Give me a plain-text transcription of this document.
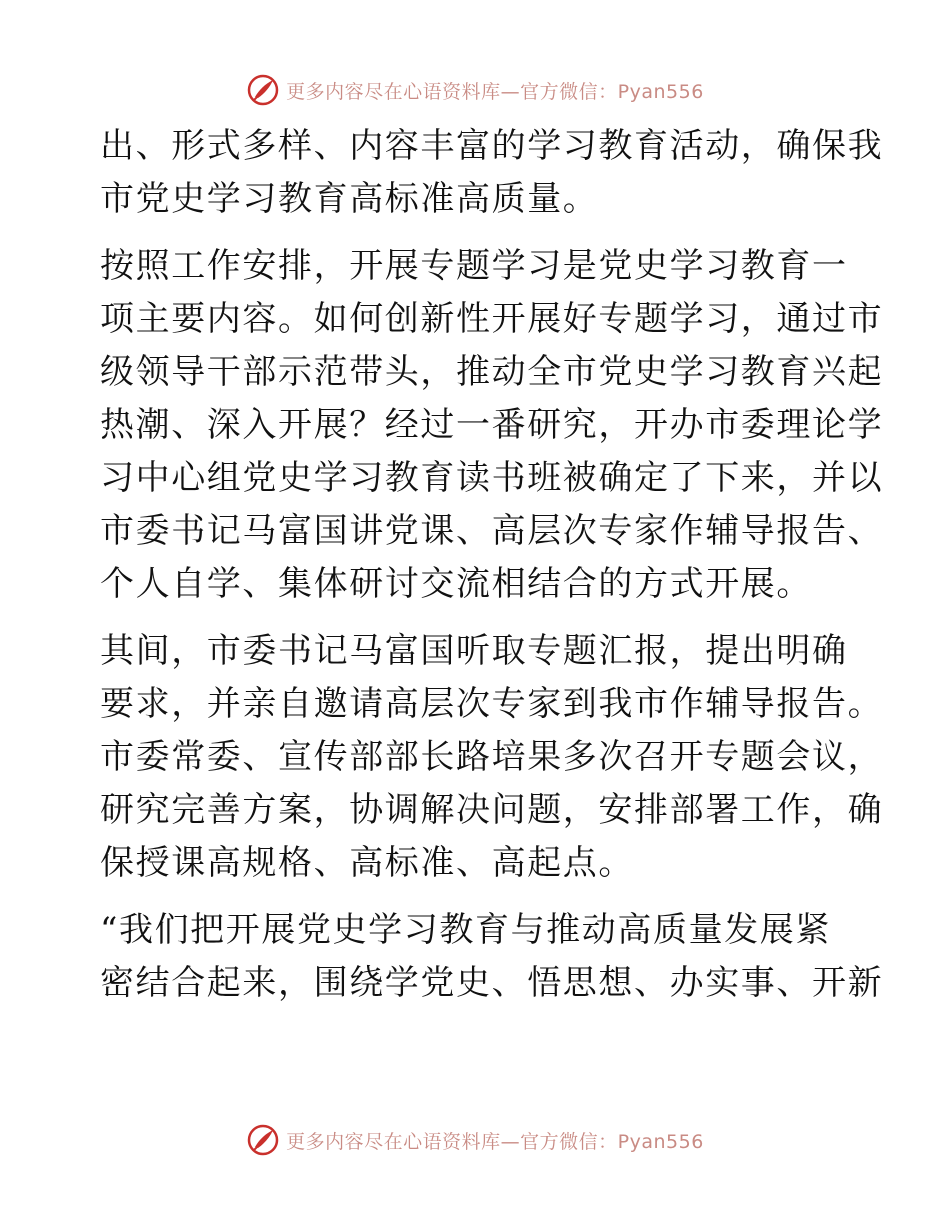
更多内容尽在心语资料库—官方微信：Pyan556

出、形式多样、内容丰富的学习教育活动，确保我
市党史学习教育高标准高质量。

按照工作安排，开展专题学习是党史学习教育一
项主要内容。如何创新性开展好专题学习，通过市
级领导干部示范带头，推动全市党史学习教育兴起
热潮、深入开展？经过一番研究，开办市委理论学
习中心组党史学习教育读书班被确定了下来，并以
市委书记马富国讲党课、高层次专家作辅导报告、
个人自学、集体研讨交流相结合的方式开展。

其间，市委书记马富国听取专题汇报，提出明确
要求，并亲自邀请高层次专家到我市作辅导报告。
市委常委、宣传部部长路培果多次召开专题会议，
研究完善方案，协调解决问题，安排部署工作，确
保授课高规格、高标准、高起点。

“我们把开展党史学习教育与推动高质量发展紧
密结合起来，围绕学党史、悟思想、办实事、开新

更多内容尽在心语资料库—官方微信：Pyan556
